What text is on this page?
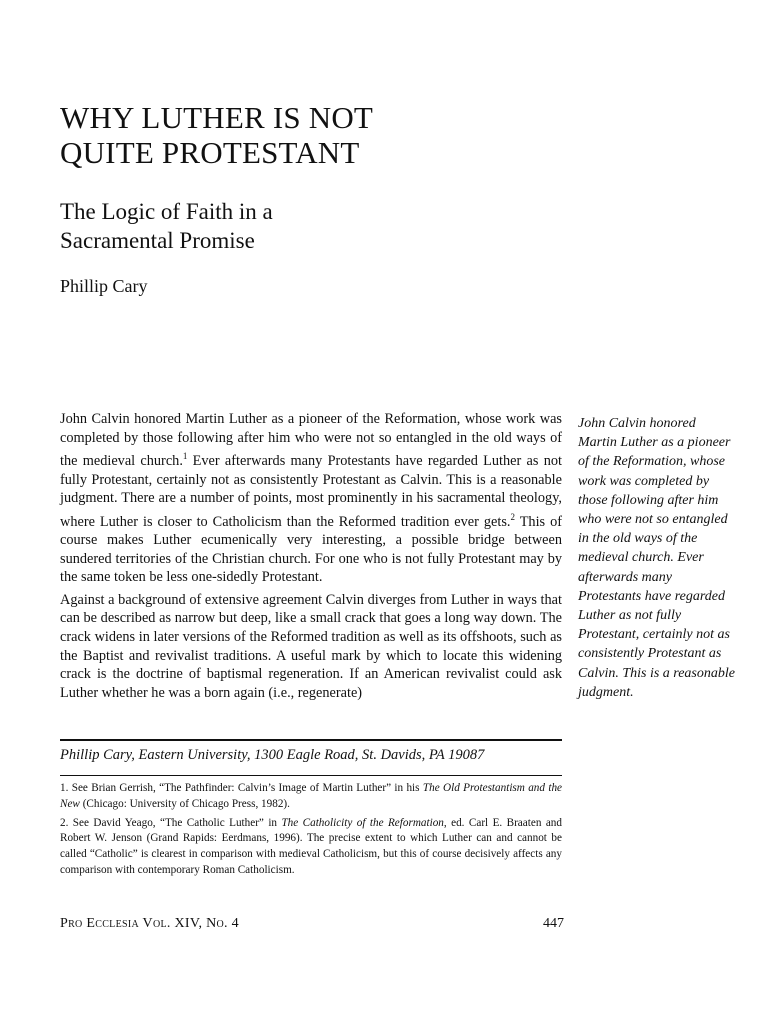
WHY LUTHER IS NOT
QUITE PROTESTANT
The Logic of Faith in a
Sacramental Promise

Phillip Cary

John Calvin honored Martin Luther as a pioneer of the Reformation, whose work was completed by those following after him who were not so entangled in the old ways of the medieval church.$^1$ Ever afterwards many Protestants have regarded Luther as not fully Protestant, certainly not as consistently Protestant as Calvin. This is a reasonable judgment. There are a number of points, most prominently in his sacramental theology, where Luther is closer to Catholicism than the Reformed tradition ever gets.$^2$ This of course makes Luther ecumenically very interesting, a possible bridge between sundered territories of the Christian church. For one who is not fully Protestant may by the same token be less one-sidedly Protestant.

Against a background of extensive agreement Calvin diverges from Luther in ways that can be described as narrow but deep, like a small crack that goes a long way down. The crack widens in later versions of the Reformed tradition as well as its offshoots, such as the Baptist and revivalist traditions. A useful mark by which to locate this widening crack is the doctrine of baptismal regeneration. If an American revivalist could ask Luther whether he was a born again (i.e., regenerate)

John Calvin honored Martin Luther as a pioneer of the Reformation, whose work was completed by those following after him who were not so entangled in the old ways of the medieval church. Ever afterwards many Protestants have regarded Luther as not fully Protestant, certainly not as consistently Protestant as Calvin. This is a reasonable judgment.
Phillip Cary, Eastern University, 1300 Eagle Road, St. Davids, PA 19087

1. See Brian Gerrish, “The Pathfinder: Calvin’s Image of Martin Luther” in his The Old Protestantism and the New (Chicago: University of Chicago Press, 1982).

2. See David Yeago, “The Catholic Luther” in The Catholicity of the Reformation, ed. Carl E. Braaten and Robert W. Jenson (Grand Rapids: Eerdmans, 1996). The precise extent to which Luther can and cannot be called “Catholic” is clearest in comparison with medieval Catholicism, but this of course decisively affects any comparison with contemporary Roman Catholicism.

Pro Ecclesia Vol. XIV, No. 4	447
